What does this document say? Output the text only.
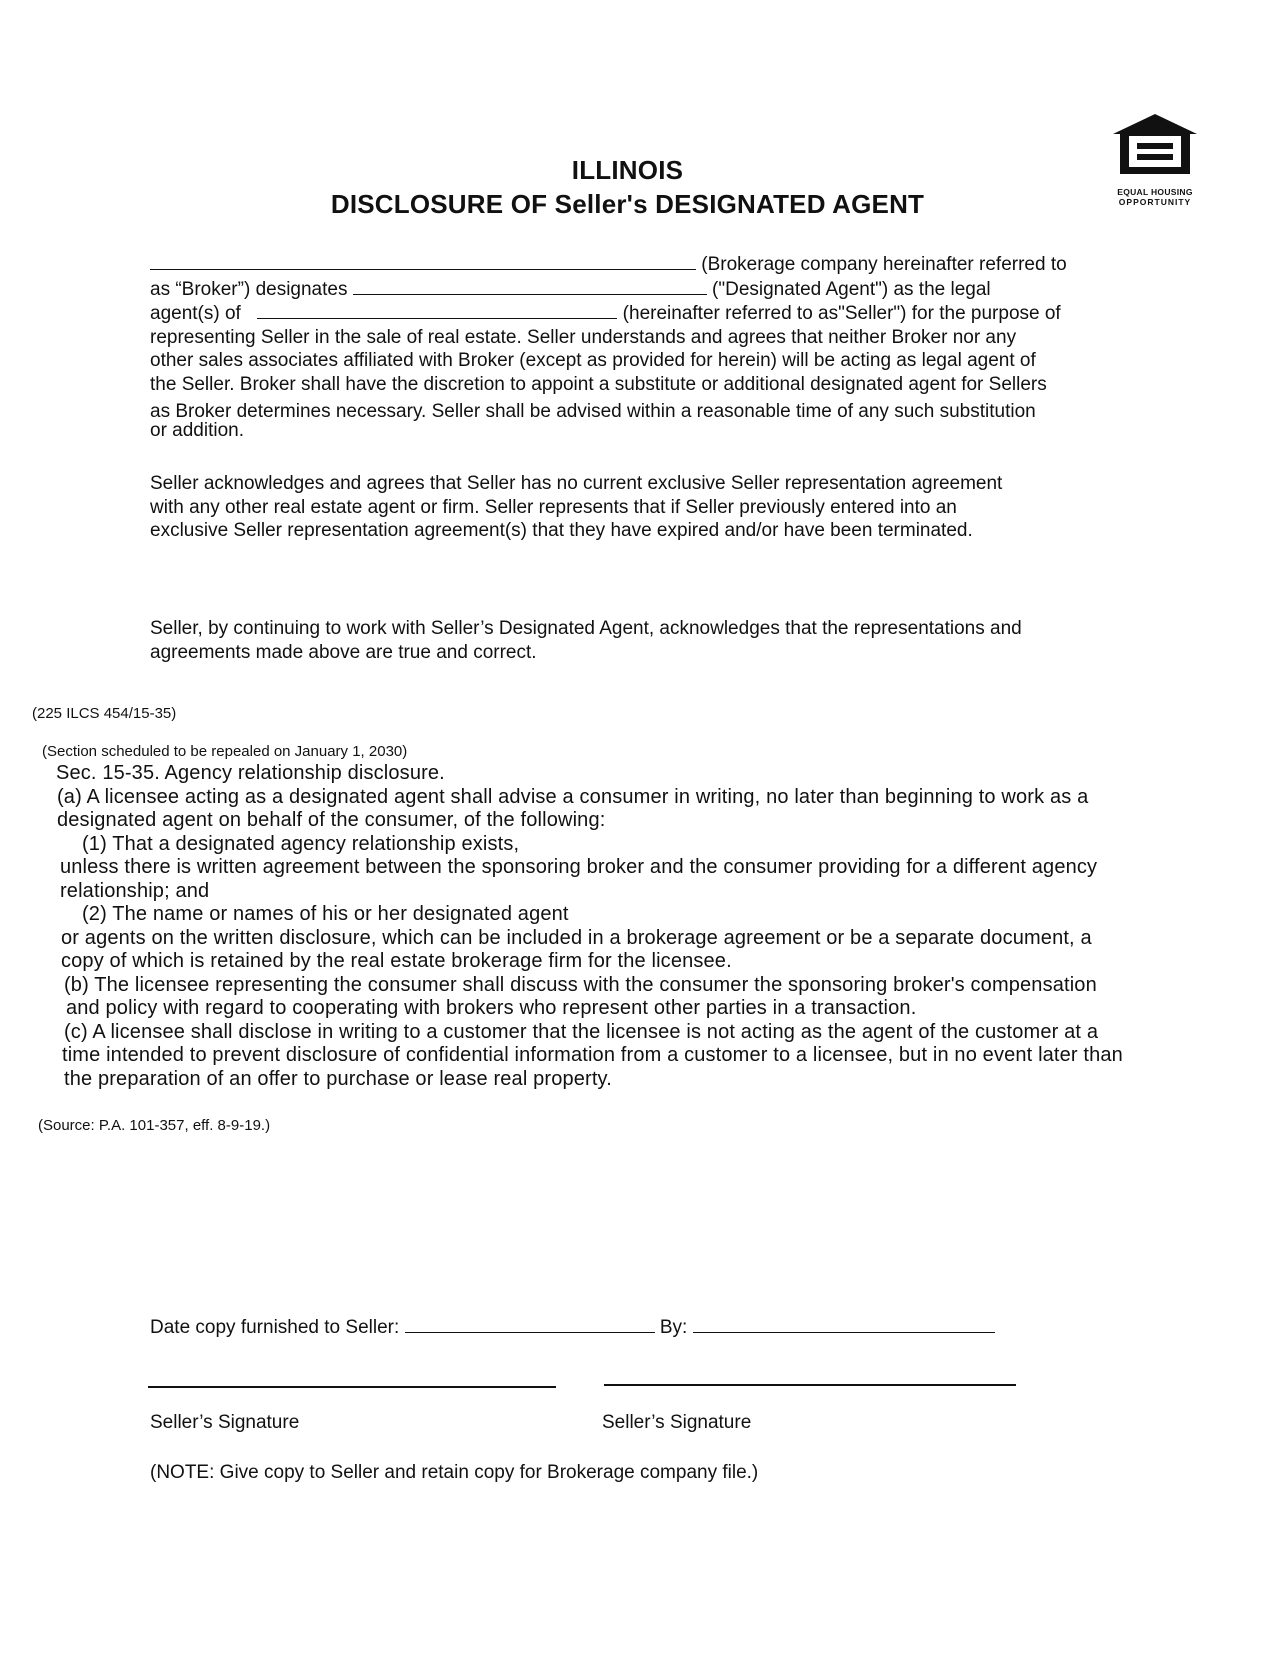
EQUAL HOUSING
OPPORTUNITY
ILLINOIS
DISCLOSURE OF Seller's DESIGNATED AGENT
(Brokerage company hereinafter referred to
as “Broker”) designates	("Designated Agent") as the legal
agent(s) of	(hereinafter referred to as"Seller") for the purpose of
representing Seller in the sale of real estate. Seller understands and agrees that neither Broker nor any
other sales associates affiliated with Broker (except as provided for herein) will be acting as legal agent of
the Seller. Broker shall have the discretion to appoint a substitute or additional designated agent for Sellers
as Broker determines necessary. Seller shall be advised within a reasonable time of any such substitution
or addition.
Seller acknowledges and agrees that Seller has no current exclusive Seller representation agreement
with any other real estate agent or firm. Seller represents that if Seller previously entered into an
exclusive Seller representation agreement(s) that they have expired and/or have been terminated.
Seller, by continuing to work with Seller’s Designated Agent, acknowledges that the representations and
agreements made above are true and correct.
(225 ILCS 454/15-35)
(Section scheduled to be repealed on January 1, 2030)
Sec. 15-35. Agency relationship disclosure.
(a) A licensee acting as a designated agent shall advise a consumer in writing, no later than beginning to work as a
designated agent on behalf of the consumer, of the following:
(1) That a designated agency relationship exists,
unless there is written agreement between the sponsoring broker and the consumer providing for a different agency
relationship; and
(2) The name or names of his or her designated agent
or agents on the written disclosure, which can be included in a brokerage agreement or be a separate document, a
copy of which is retained by the real estate brokerage firm for the licensee.
(b) The licensee representing the consumer shall discuss with the consumer the sponsoring broker's compensation
and policy with regard to cooperating with brokers who represent other parties in a transaction.
(c) A licensee shall disclose in writing to a customer that the licensee is not acting as the agent of the customer at a
time intended to prevent disclosure of confidential information from a customer to a licensee, but in no event later than
the preparation of an offer to purchase or lease real property.
(Source: P.A. 101-357, eff. 8-9-19.)
Date copy furnished to Seller:	By:
Seller’s Signature	Seller’s Signature
(NOTE: Give copy to Seller and retain copy for Brokerage company file.)
